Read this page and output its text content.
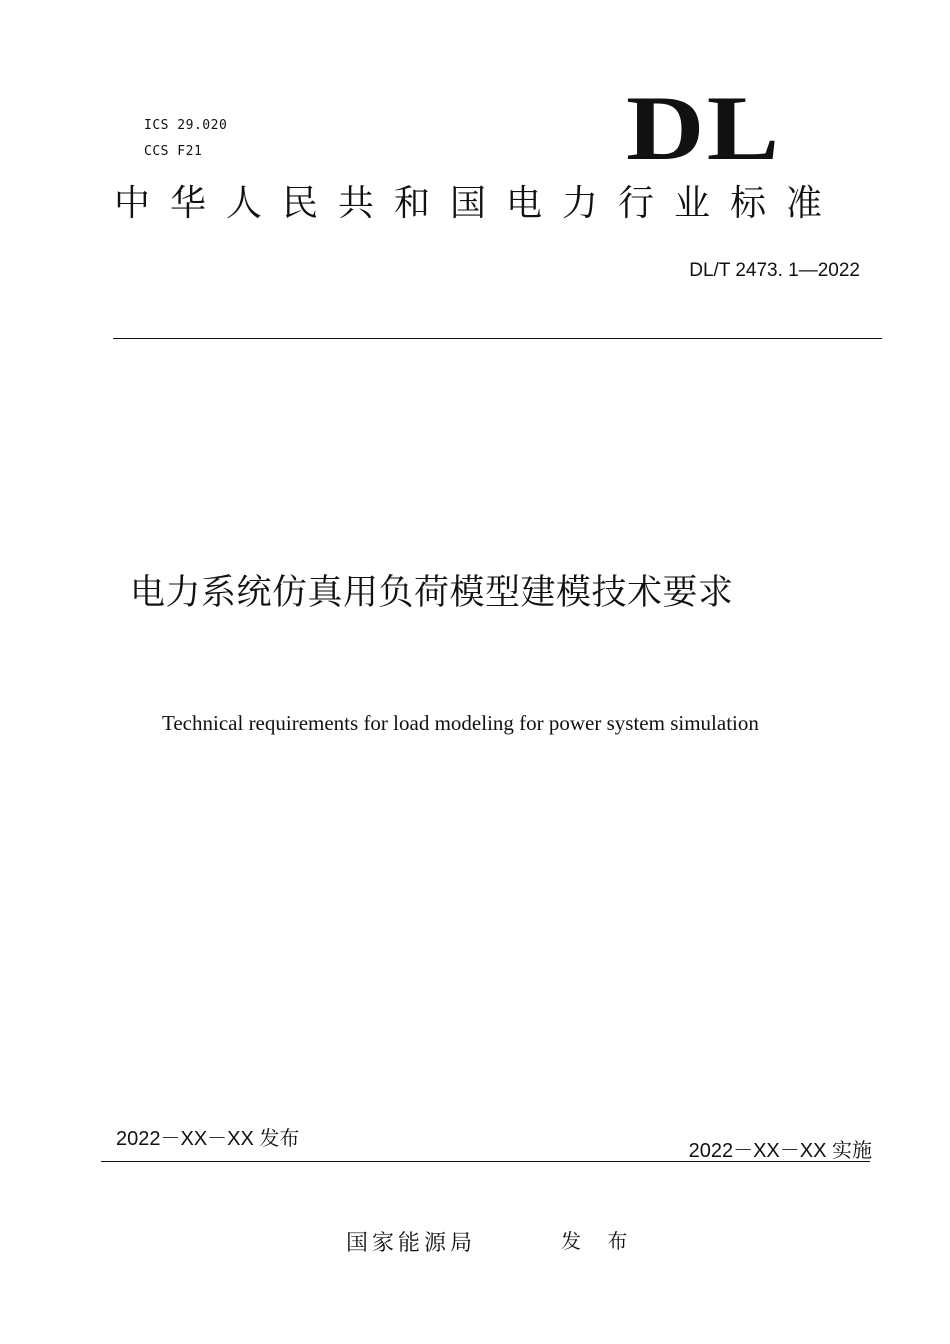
ICS 29.020
CCS F21	DL
中华人民共和国电力行业标准
DL/T 2473. 1—2022
电力系统仿真用负荷模型建模技术要求
Technical requirements for load modeling for power system simulation
2022－XX－XX 发布
2022－XX－XX 实施
国家能源局	发 布
